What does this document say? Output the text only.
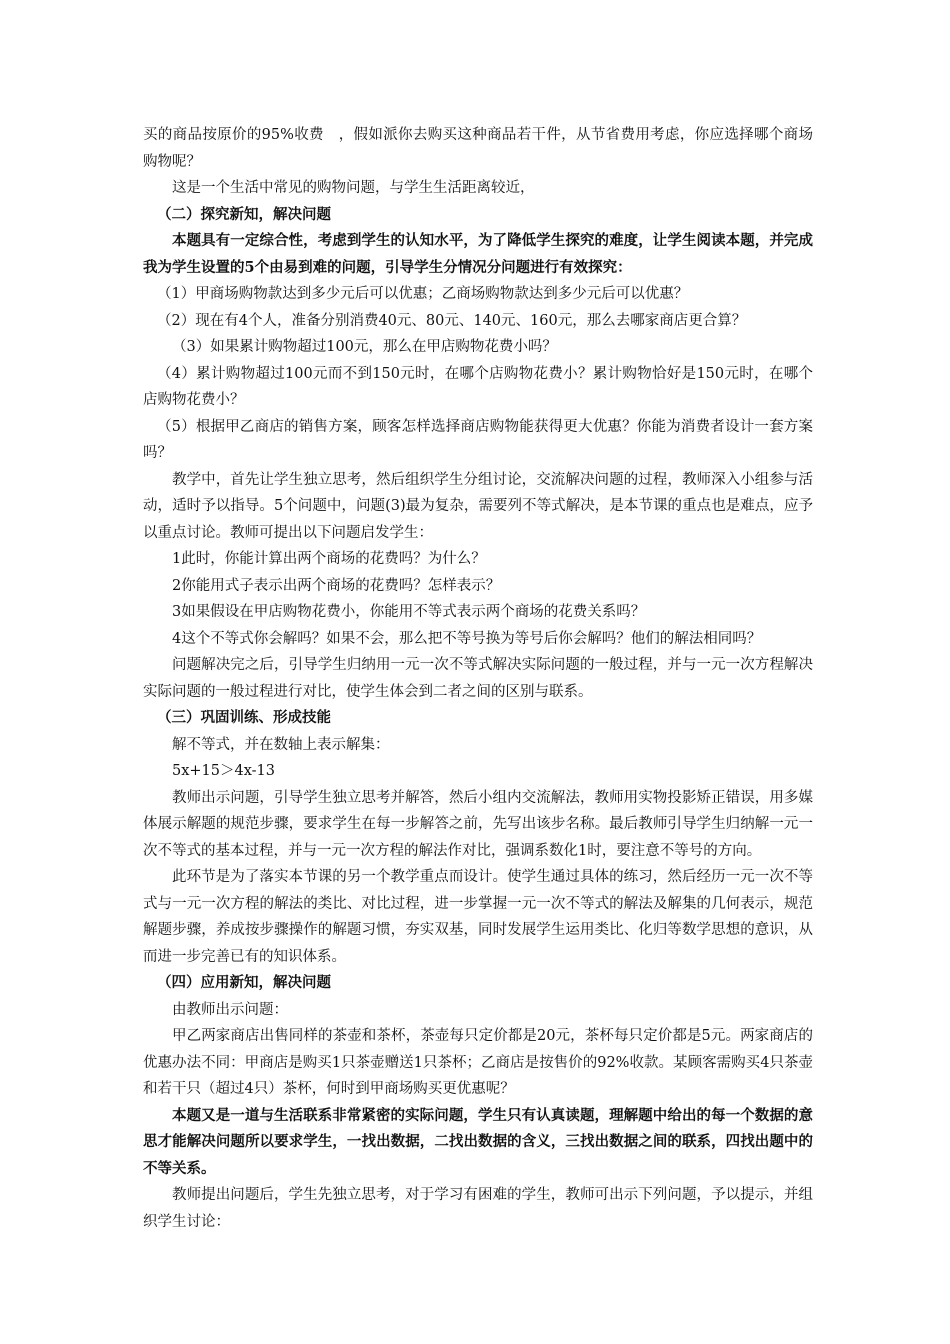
买的商品按原价的95%收费　，假如派你去购买这种商品若干件，从节省费用考虑，你应选择哪个商场购物呢？

这是一个生活中常见的购物问题，与学生生活距离较近，

（二）探究新知，解决问题

本题具有一定综合性，考虑到学生的认知水平，为了降低学生探究的难度，让学生阅读本题，并完成我为学生设置的5个由易到难的问题，引导学生分情况分问题进行有效探究：

（1）甲商场购物款达到多少元后可以优惠；乙商场购物款达到多少元后可以优惠？

（2）现在有4个人，准备分别消费40元、80元、140元、160元，那么去哪家商店更合算？

（3）如果累计购物超过100元，那么在甲店购物花费小吗？

（4）累计购物超过100元而不到150元时，在哪个店购物花费小？累计购物恰好是150元时，在哪个店购物花费小？

（5）根据甲乙商店的销售方案，顾客怎样选择商店购物能获得更大优惠？你能为消费者设计一套方案吗？

教学中，首先让学生独立思考，然后组织学生分组讨论，交流解决问题的过程，教师深入小组参与活动，适时予以指导。5个问题中，问题(3)最为复杂，需要列不等式解决，是本节课的重点也是难点，应予以重点讨论。教师可提出以下问题启发学生：

1此时，你能计算出两个商场的花费吗？为什么？

2你能用式子表示出两个商场的花费吗？怎样表示？

3如果假设在甲店购物花费小，你能用不等式表示两个商场的花费关系吗？

4这个不等式你会解吗？如果不会，那么把不等号换为等号后你会解吗？他们的解法相同吗？

问题解决完之后，引导学生归纳用一元一次不等式解决实际问题的一般过程，并与一元一次方程解决实际问题的一般过程进行对比，使学生体会到二者之间的区别与联系。

（三）巩固训练、形成技能

解不等式，并在数轴上表示解集：

5x+15＞4x-13

教师出示问题，引导学生独立思考并解答，然后小组内交流解法，教师用实物投影矫正错误，用多媒体展示解题的规范步骤，要求学生在每一步解答之前，先写出该步名称。最后教师引导学生归纳解一元一次不等式的基本过程，并与一元一次方程的解法作对比，强调系数化1时，要注意不等号的方向。

此环节是为了落实本节课的另一个教学重点而设计。使学生通过具体的练习，然后经历一元一次不等式与一元一次方程的解法的类比、对比过程，进一步掌握一元一次不等式的解法及解集的几何表示，规范解题步骤，养成按步骤操作的解题习惯，夯实双基，同时发展学生运用类比、化归等数学思想的意识，从而进一步完善已有的知识体系。

（四）应用新知，解决问题

由教师出示问题：

甲乙两家商店出售同样的茶壶和茶杯，茶壶每只定价都是20元，茶杯每只定价都是5元。两家商店的优惠办法不同：甲商店是购买1只茶壶赠送1只茶杯；乙商店是按售价的92%收款。某顾客需购买4只茶壶和若干只（超过4只）茶杯，何时到甲商场购买更优惠呢？

本题又是一道与生活联系非常紧密的实际问题，学生只有认真读题，理解题中给出的每一个数据的意思才能解决问题所以要求学生，一找出数据，二找出数据的含义，三找出数据之间的联系，四找出题中的不等关系。

教师提出问题后，学生先独立思考，对于学习有困难的学生，教师可出示下列问题，予以提示，并组织学生讨论：
